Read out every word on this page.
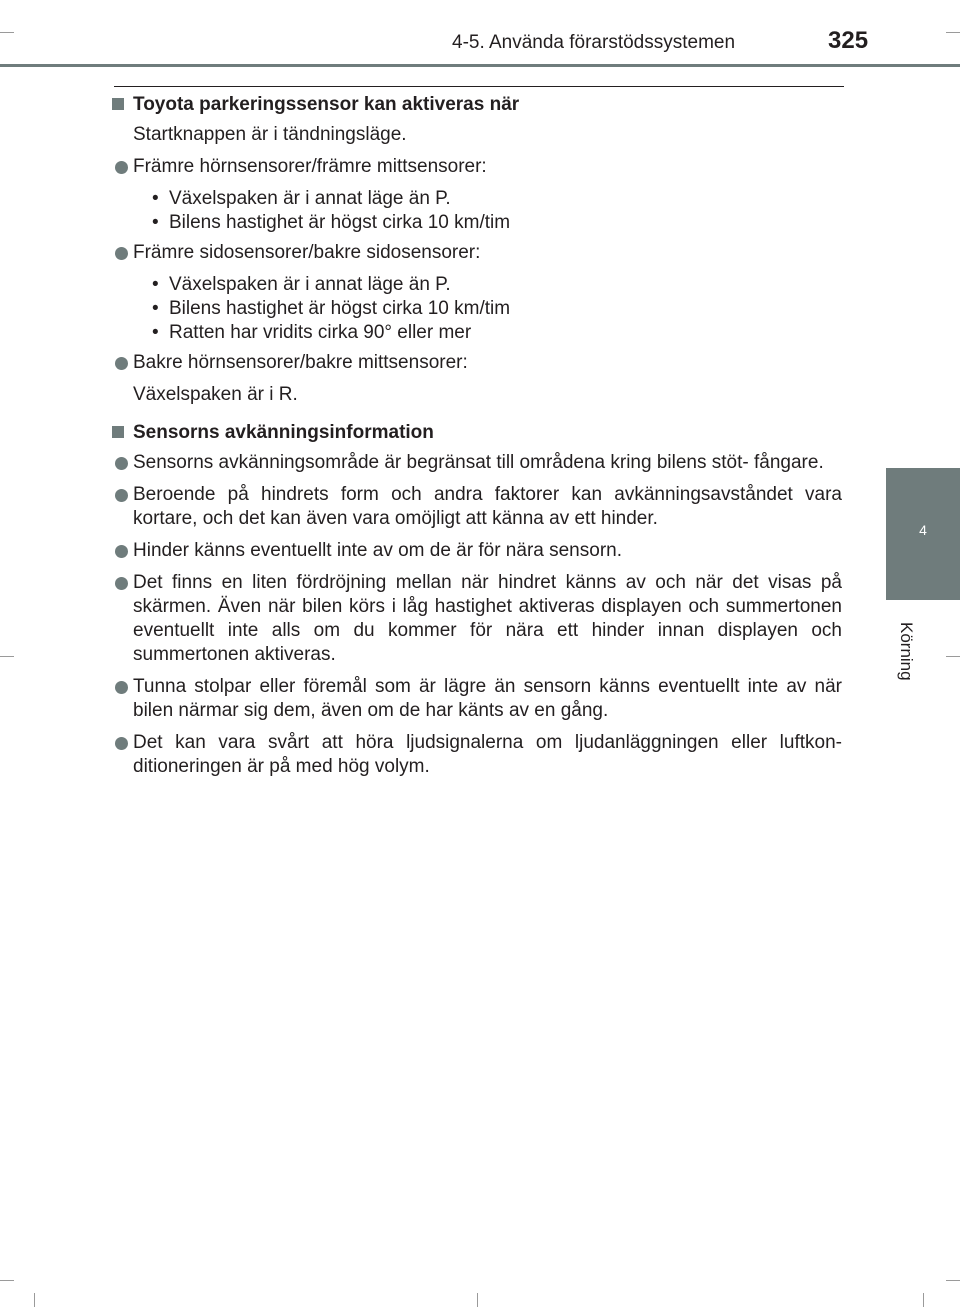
4-5. Använda förarstödssystemen	325
4
Körning
Toyota parkeringssensor kan aktiveras när
Startknappen är i tändningsläge.
Främre hörnsensorer/främre mittsensorer:
• Växelspaken är i annat läge än P.
• Bilens hastighet är högst cirka 10 km/tim
Främre sidosensorer/bakre sidosensorer:
• Växelspaken är i annat läge än P.
• Bilens hastighet är högst cirka 10 km/tim
• Ratten har vridits cirka 90° eller mer
Bakre hörnsensorer/bakre mittsensorer:
Växelspaken är i R.
Sensorns avkänningsinformation
Sensorns avkänningsområde är begränsat till områdena kring bilens stöt- fångare.
Beroende på hindrets form och andra faktorer kan avkänningsavståndet vara kortare, och det kan även vara omöjligt att känna av ett hinder.
Hinder känns eventuellt inte av om de är för nära sensorn.
Det finns en liten fördröjning mellan när hindret känns av och när det visas på skärmen. Även när bilen körs i låg hastighet aktiveras displayen och summertonen eventuellt inte alls om du kommer för nära ett hinder innan displayen och summertonen aktiveras.
Tunna stolpar eller föremål som är lägre än sensorn känns eventuellt inte av när bilen närmar sig dem, även om de har känts av en gång.
Det kan vara svårt att höra ljudsignalerna om ljudanläggningen eller luftkon- ditioneringen är på med hög volym.
